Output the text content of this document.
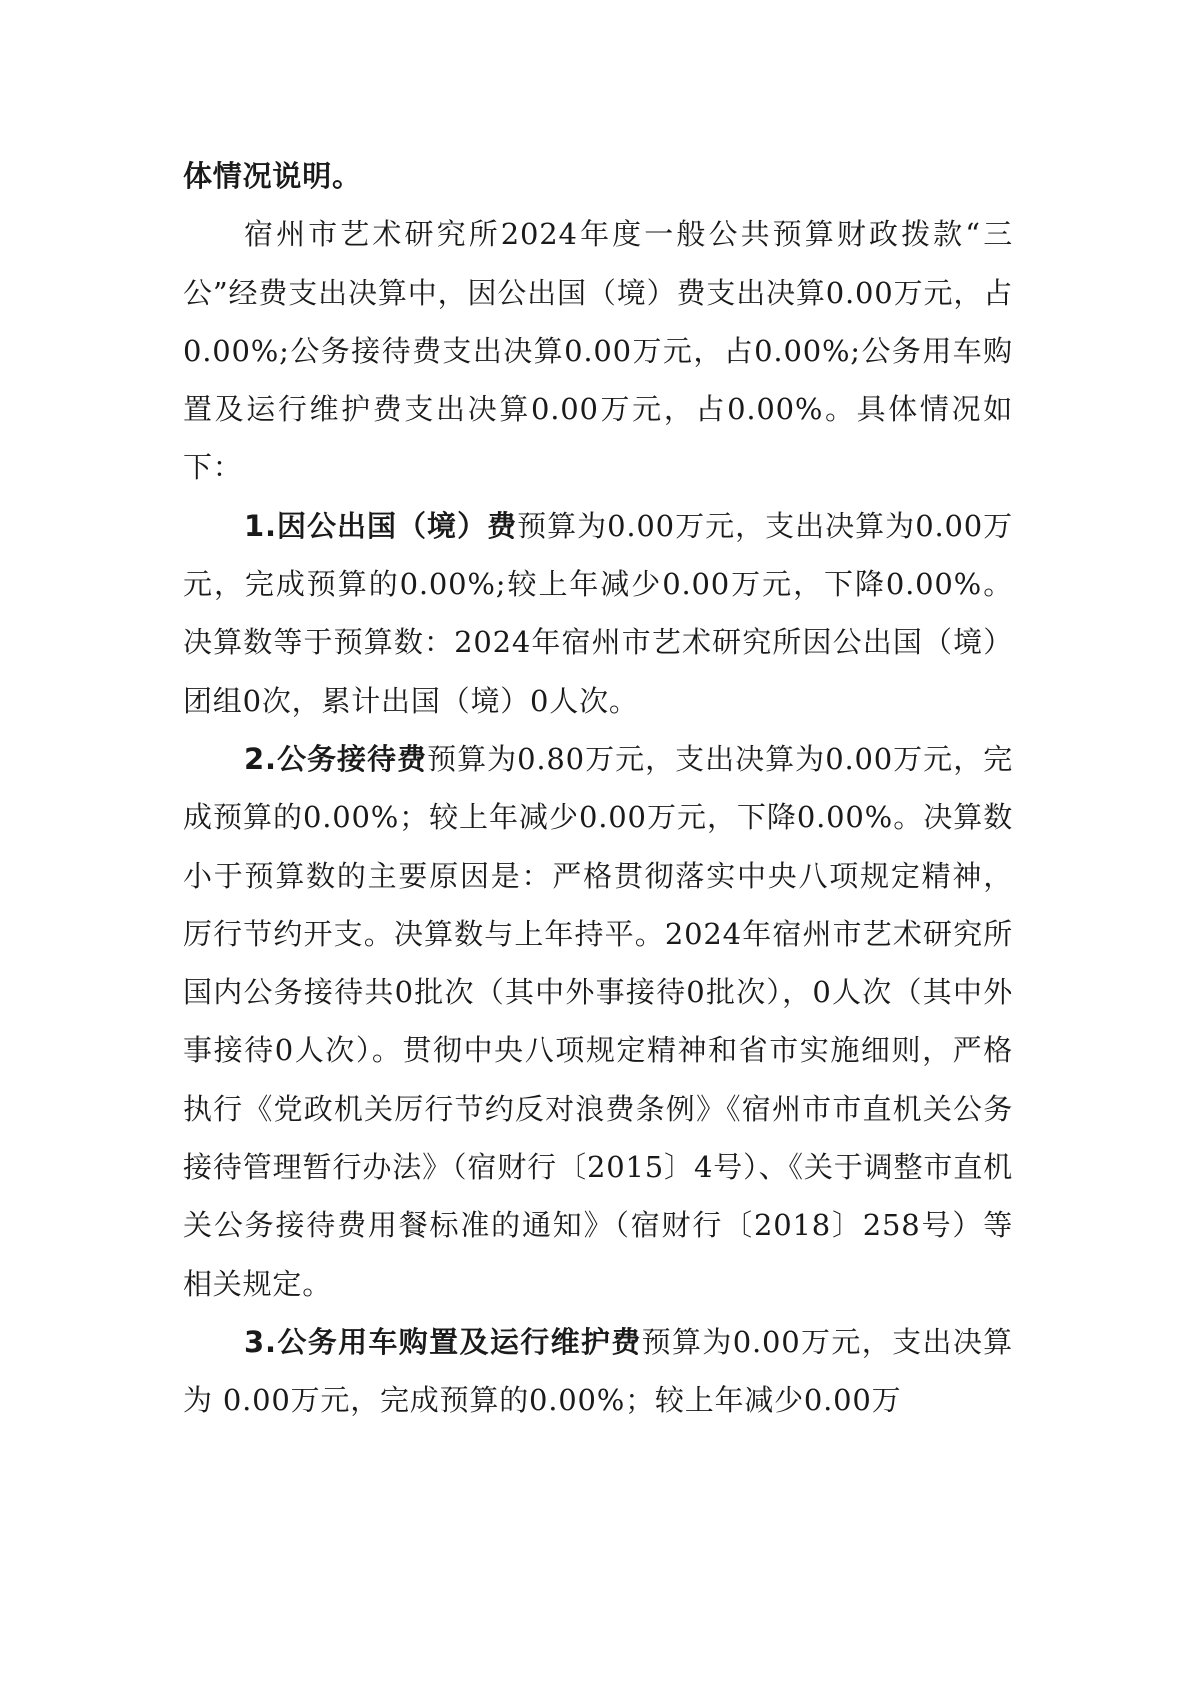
体情况说明。

宿州市艺术研究所2024年度一般公共预算财政拨款“三公”经费支出决算中，因公出国（境）费支出决算0.00万元，占0.00%;公务接待费支出决算0.00万元，占0.00%;公务用车购置及运行维护费支出决算0.00万元，占0.00%。具体情况如下：

1.因公出国（境）费预算为0.00万元，支出决算为0.00万元，完成预算的0.00%;较上年减少0.00万元，下降0.00%。决算数等于预算数：2024年宿州市艺术研究所因公出国（境）团组0次，累计出国（境）0人次。

2.公务接待费预算为0.80万元，支出决算为0.00万元，完成预算的0.00%；较上年减少0.00万元，下降0.00%。决算数小于预算数的主要原因是：严格贯彻落实中央八项规定精神，厉行节约开支。决算数与上年持平。2024年宿州市艺术研究所国内公务接待共0批次（其中外事接待0批次），0人次（其中外事接待0人次）。贯彻中央八项规定精神和省市实施细则，严格执行《党政机关厉行节约反对浪费条例》《宿州市市直机关公务接待管理暂行办法》（宿财行〔2015〕4号）、《关于调整市直机关公务接待费用餐标准的通知》（宿财行〔2018〕258号）等相关规定。

3.公务用车购置及运行维护费预算为0.00万元，支出决算为 0.00万元，完成预算的0.00%；较上年减少0.00万
